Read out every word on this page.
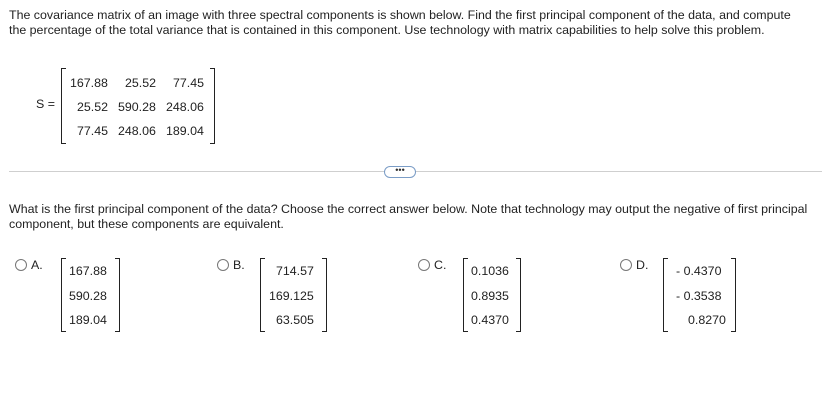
The covariance matrix of an image with three spectral components is shown below. Find the first principal component of the data, and compute the percentage of the total variance that is contained in this component. Use technology with matrix capabilities to help solve this problem.
S =
167.88 25.52 77.45
25.52 590.28 248.06
77.45 248.06 189.04
•••
What is the first principal component of the data? Choose the correct answer below. Note that technology may output the negative of first principal component, but these components are equivalent.
A. 167.88
590.28
189.04
B.	714.57
169.125
63.505
C. 0.1036
0.8935
0.4370
D. - 0.4370
- 0.3538
0.8270
